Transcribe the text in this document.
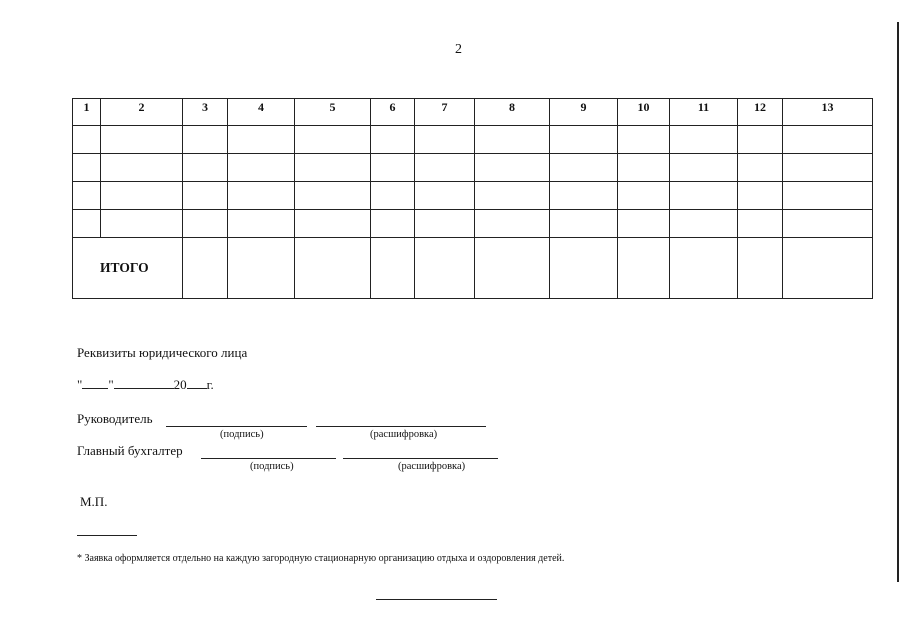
2
1	2	3	4	5	6	7	8	9	10	11	12	13

ИТОГО												
Реквизиты юридического лица
" "	20 г.
Руководитель
(подпись)	(расшифровка)
Главный бухгалтер
(подпись)	(расшифровка)
М.П.
* Заявка оформляется отдельно на каждую загородную стационарную организацию отдыха и оздоровления детей.
